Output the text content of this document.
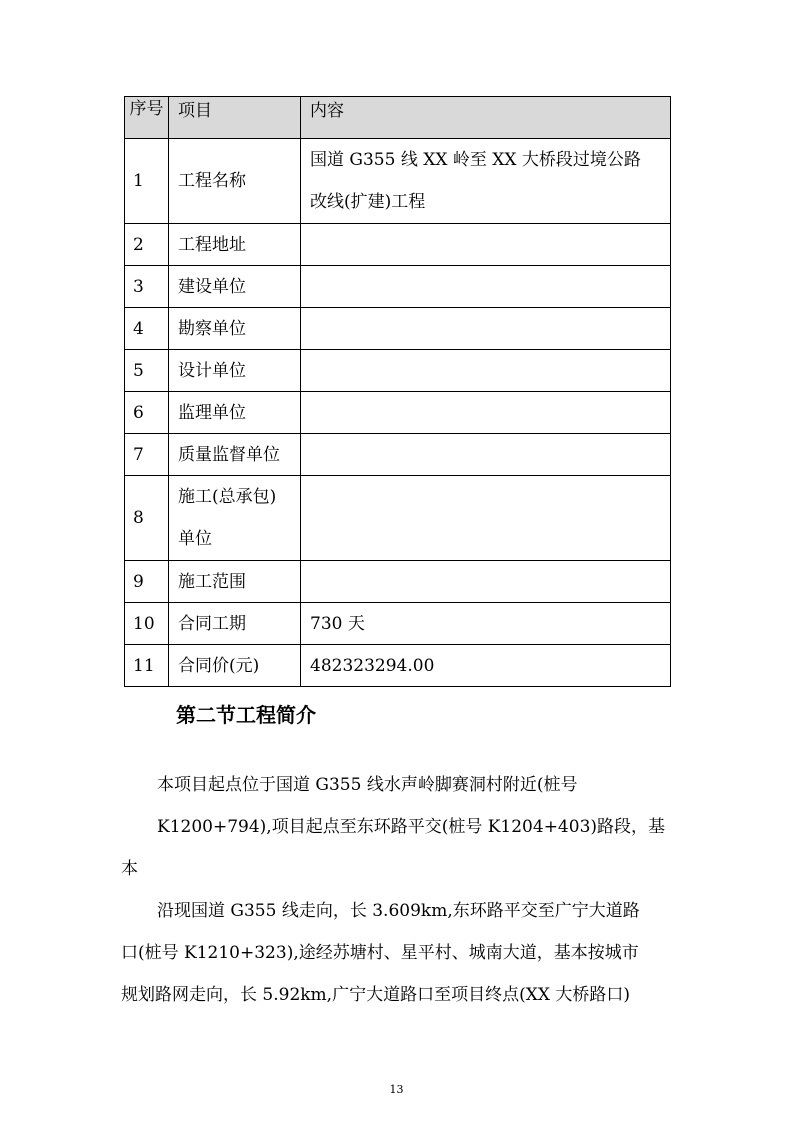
序号	项目	内容
1	工程名称	国道 G355 线 XX 岭至 XX 大桥段过境公路
改线(扩建)工程

2	工程地址	
3	建设单位	
4	勘察单位	
5	设计单位	
6	监理单位	
7	质量监督单位	
8	施工(总承包)
单位	

9	施工范围	
10	合同工期	730 天
11	合同价(元)	482323294.00
第二节工程简介

本项目起点位于国道 G355 线水声岭脚赛洞村附近(桩号
K1200+794),项目起点至东环路平交(桩号 K1204+403)路段，基
本

沿现国道 G355 线走向，长 3.609km,东环路平交至广宁大道路
口(桩号 K1210+323),途经苏塘村、星平村、城南大道，基本按城市
规划路网走向，长 5.92km,广宁大道路口至项目终点(XX 大桥路口)

13
